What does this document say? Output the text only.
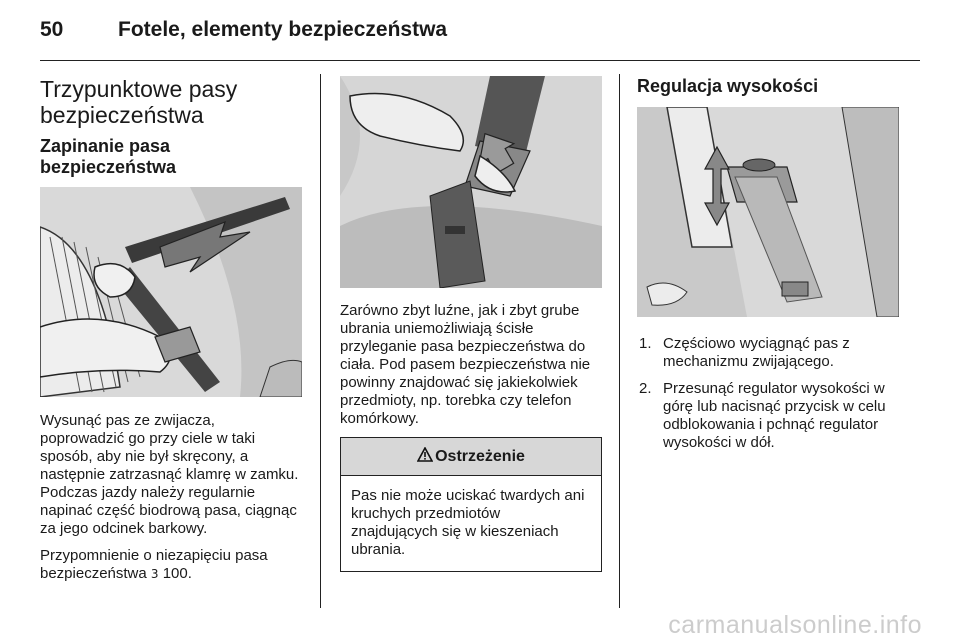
50	Fotele, elementy bezpieczeństwa
Trzypunktowe pasy bezpieczeństwa
Zapinanie pasa bezpieczeństwa

Wysunąć pas ze zwijacza, poprowadzić go przy ciele w taki sposób, aby nie był skręcony, a następnie zatrzasnąć klamrę w zamku. Podczas jazdy należy regularnie napinać część biodrową pasa, ciągnąc za jego odcinek barkowy.

Przypomnienie o niezapięciu pasa bezpieczeństwa 3 100.

Zarówno zbyt luźne, jak i zbyt grube ubrania uniemożliwiają ścisłe przyleganie pasa bezpieczeństwa do ciała. Pod pasem bezpieczeństwa nie powinny znajdować się jakiekolwiek przedmioty, np. torebka czy telefon komórkowy.

Ostrzeżenie
Pas nie może uciskać twardych ani kruchych przedmiotów znajdujących się w kieszeniach ubrania.
Regulacja wysokości
1. Częściowo wyciągnąć pas z mechanizmu zwijającego.
2. Przesunąć regulator wysokości w górę lub nacisnąć przycisk w celu odblokowania i pchnąć regulator wysokości w dół.
carmanualsonline.info
